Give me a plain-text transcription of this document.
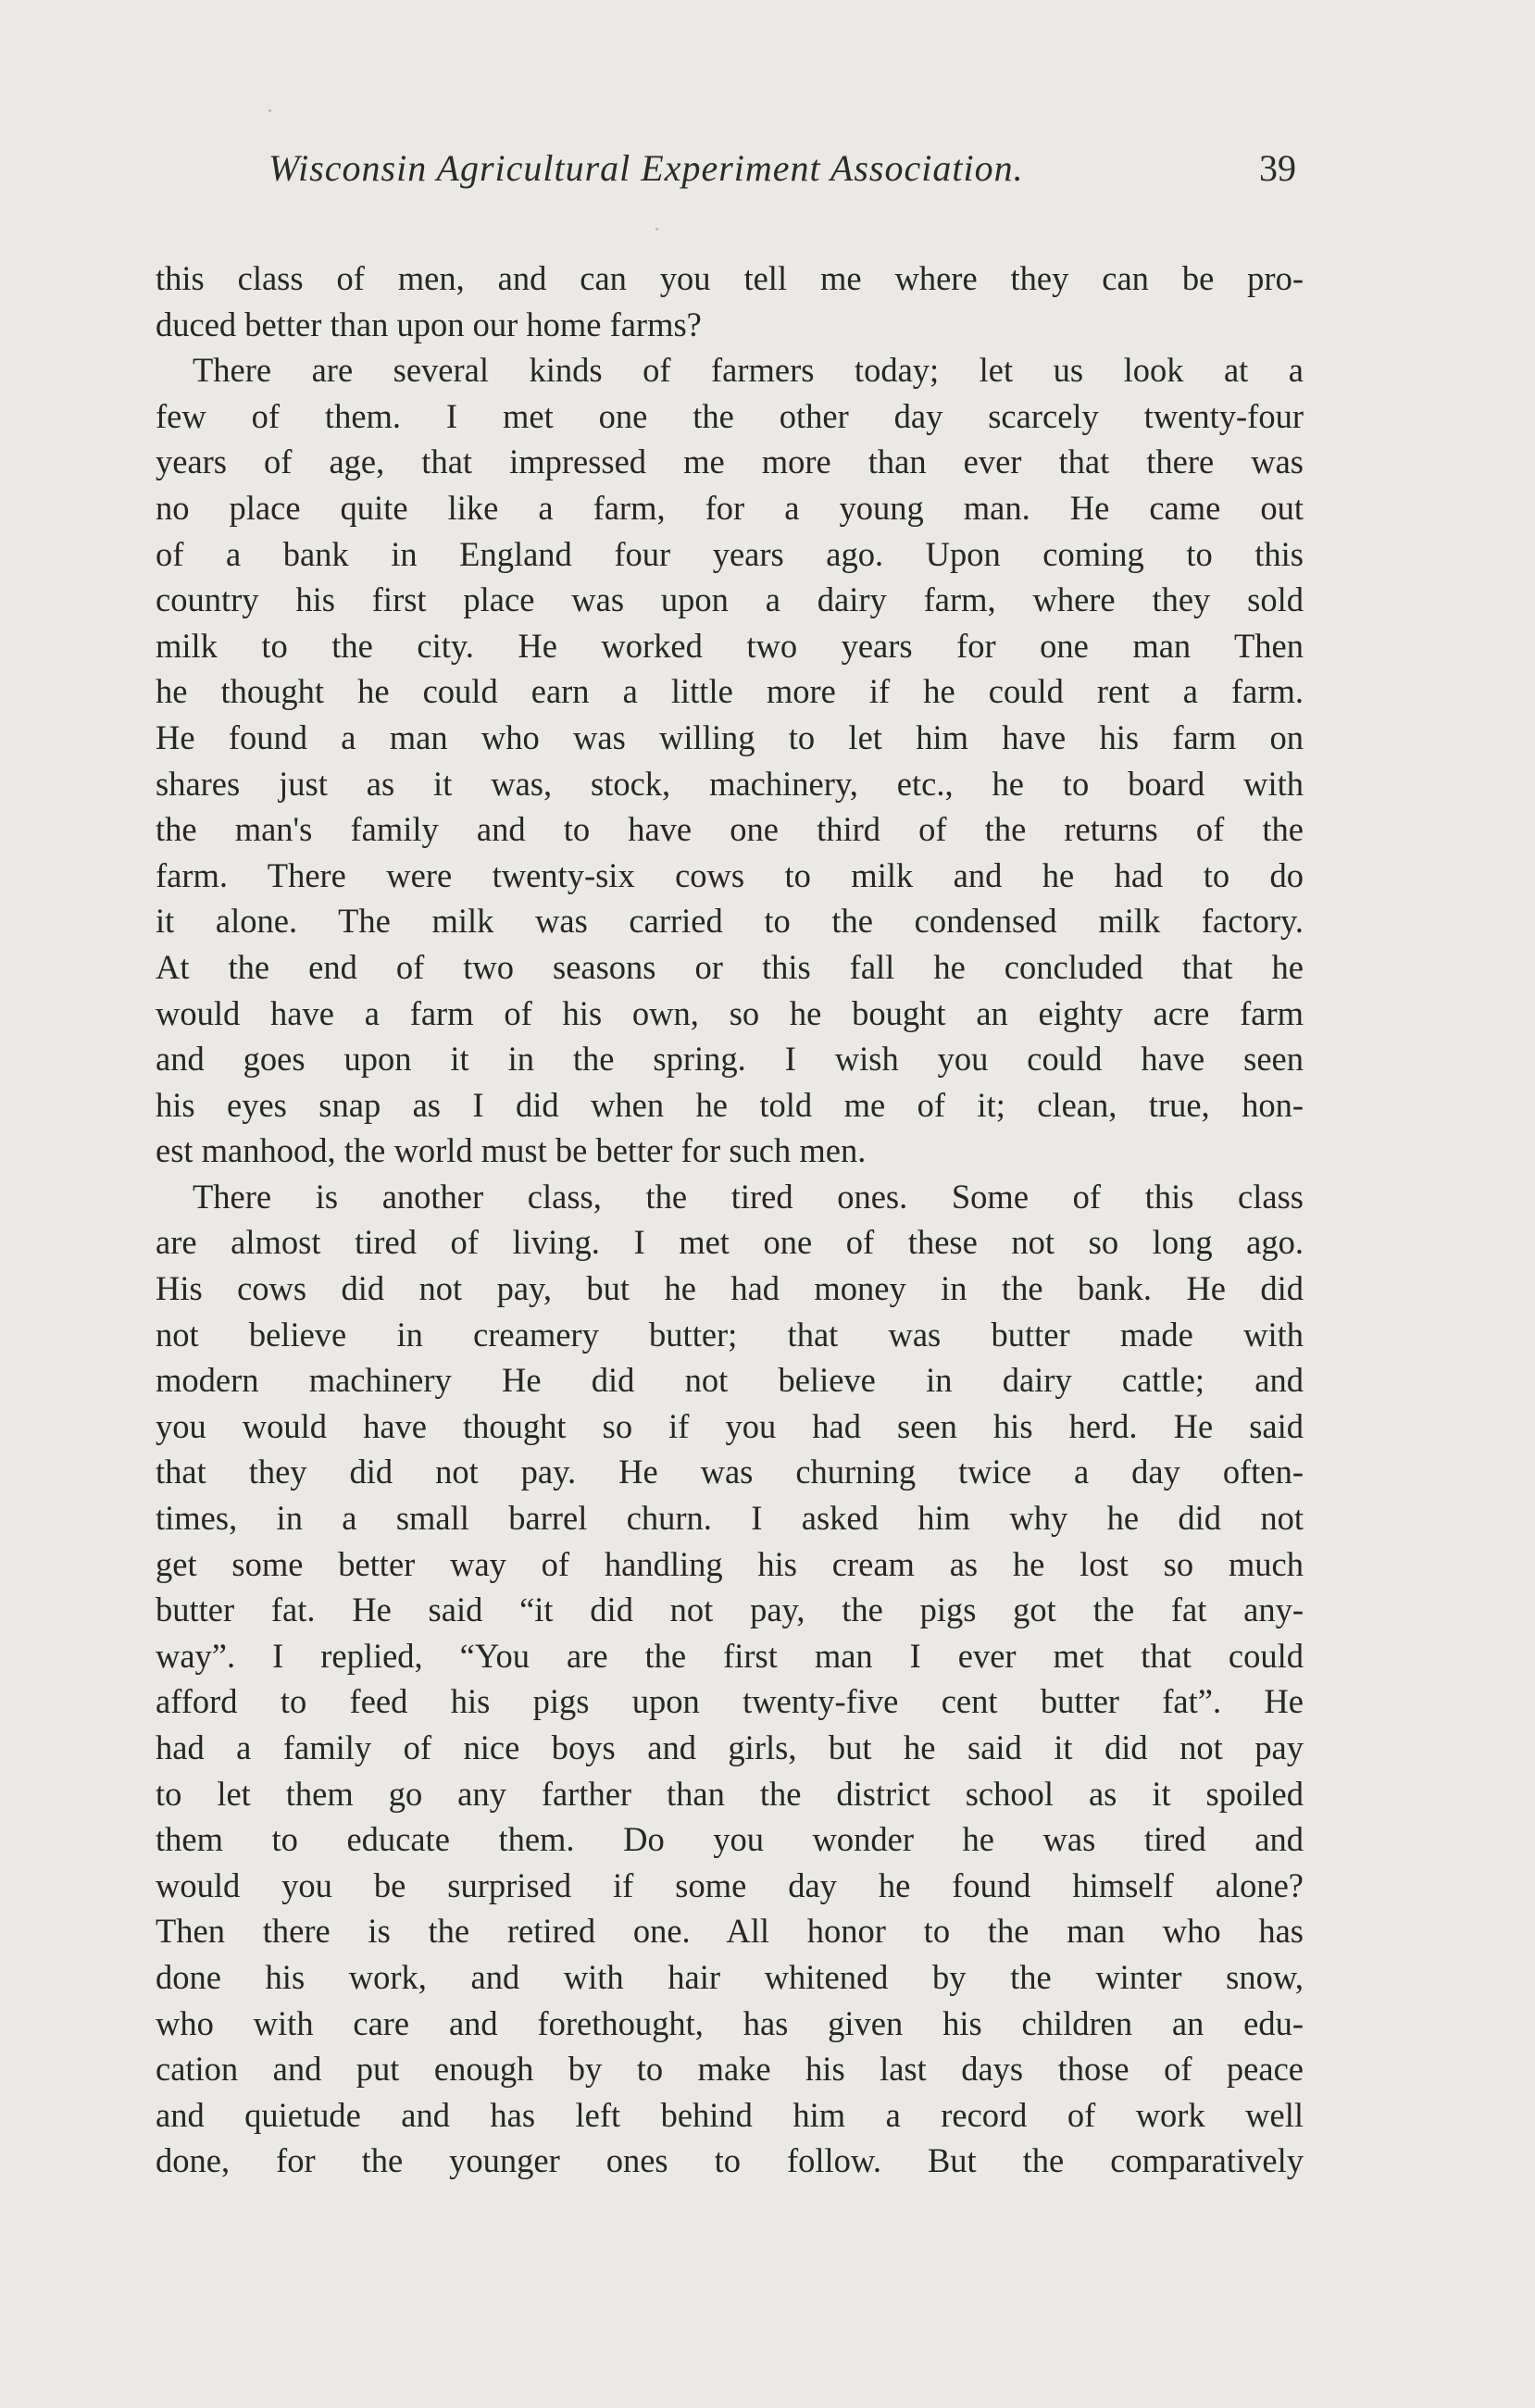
Wisconsin Agricultural Experiment Association.	39
this class of men, and can you tell me where they can be pro-
duced better than upon our home farms?
There are several kinds of farmers today; let us look at a
few of them. I met one the other day scarcely twenty-four
years of age, that impressed me more than ever that there was
no place quite like a farm, for a young man. He came out
of a bank in England four years ago. Upon coming to this
country his first place was upon a dairy farm, where they sold
milk to the city. He worked two years for one man Then
he thought he could earn a little more if he could rent a farm.
He found a man who was willing to let him have his farm on
shares just as it was, stock, machinery, etc., he to board with
the man's family and to have one third of the returns of the
farm. There were twenty-six cows to milk and he had to do
it alone. The milk was carried to the condensed milk factory.
At the end of two seasons or this fall he concluded that he
would have a farm of his own, so he bought an eighty acre farm
and goes upon it in the spring. I wish you could have seen
his eyes snap as I did when he told me of it; clean, true, hon-
est manhood, the world must be better for such men.
There is another class, the tired ones. Some of this class
are almost tired of living. I met one of these not so long ago.
His cows did not pay, but he had money in the bank. He did
not believe in creamery butter; that was butter made with
modern machinery He did not believe in dairy cattle; and
you would have thought so if you had seen his herd. He said
that they did not pay. He was churning twice a day often-
times, in a small barrel churn. I asked him why he did not
get some better way of handling his cream as he lost so much
butter fat. He said “it did not pay, the pigs got the fat any-
way”. I replied, “You are the first man I ever met that could
afford to feed his pigs upon twenty-five cent butter fat”. He
had a family of nice boys and girls, but he said it did not pay
to let them go any farther than the district school as it spoiled
them to educate them. Do you wonder he was tired and
would you be surprised if some day he found himself alone?
Then there is the retired one. All honor to the man who has
done his work, and with hair whitened by the winter snow,
who with care and forethought, has given his children an edu-
cation and put enough by to make his last days those of peace
and quietude and has left behind him a record of work well
done, for the younger ones to follow. But the comparatively
